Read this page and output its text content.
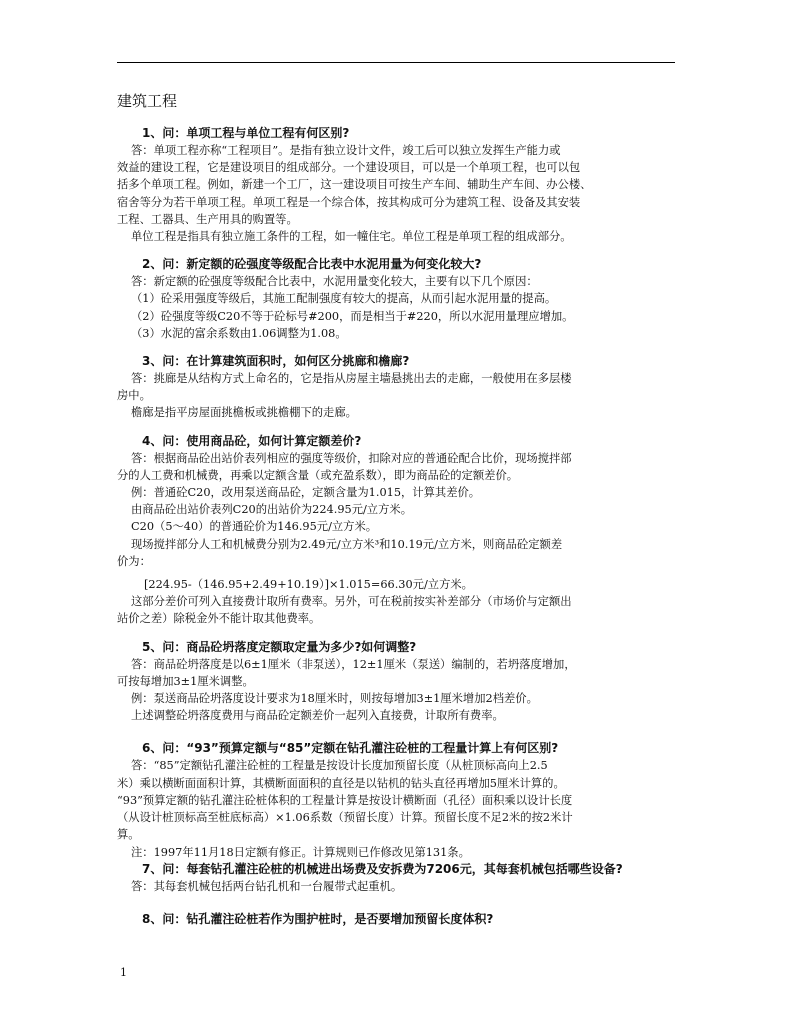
建筑工程

1、问：单项工程与单位工程有何区别?

答：单项工程亦称“工程项目”。是指有独立设计文件，竣工后可以独立发挥生产能力或

效益的建设工程，它是建设项目的组成部分。一个建设项目，可以是一个单项工程，也可以包

括多个单项工程。例如，新建一个工厂，这一建设项目可按生产车间、辅助生产车间、办公楼、

宿舍等分为若干单项工程。单项工程是一个综合体，按其构成可分为建筑工程、设备及其安装

工程、工器具、生产用具的购置等。

单位工程是指具有独立施工条件的工程，如一幢住宅。单位工程是单项工程的组成部分。

2、问：新定额的砼强度等级配合比表中水泥用量为何变化较大?

答：新定额的砼强度等级配合比表中，水泥用量变化较大，主要有以下几个原因：

（1）砼采用强度等级后，其施工配制强度有较大的提高，从而引起水泥用量的提高。

（2）砼强度等级C20不等于砼标号#200，而是相当于#220，所以水泥用量理应增加。

（3）水泥的富余系数由1.06调整为1.08。

3、问：在计算建筑面积时，如何区分挑廊和檐廊?

答：挑廊是从结构方式上命名的，它是指从房屋主墙悬挑出去的走廊，一般使用在多层楼

房中。

檐廊是指平房屋面挑檐板或挑檐棚下的走廊。

4、问：使用商品砼，如何计算定额差价?

答：根据商品砼出站价表列相应的强度等级价，扣除对应的普通砼配合比价，现场搅拌部

分的人工费和机械费，再乘以定额含量（或充盈系数），即为商品砼的定额差价。

例：普通砼C20，改用泵送商品砼，定额含量为1.015，计算其差价。

由商品砼出站价表列C20的出站价为224.95元/立方米。

C20（5～40）的普通砼价为146.95元/立方米。

现场搅拌部分人工和机械费分别为2.49元/立方米³和10.19元/立方米，则商品砼定额差

价为：

[224.95-（146.95+2.49+10.19）]×1.015=66.30元/立方米。

这部分差价可列入直接费计取所有费率。另外，可在税前按实补差部分（市场价与定额出

站价之差）除税金外不能计取其他费率。

5、问：商品砼坍落度定额取定量为多少?如何调整?

答：商品砼坍落度是以6±1厘米（非泵送），12±1厘米（泵送）编制的，若坍落度增加，

可按每增加3±1厘米调整。

例：泵送商品砼坍落度设计要求为18厘米时，则按每增加3±1厘米增加2档差价。

上述调整砼坍落度费用与商品砼定额差价一起列入直接费，计取所有费率。

6、问：“93”预算定额与“85”定额在钻孔灌注砼桩的工程量计算上有何区别?

答：“85”定额钻孔灌注砼桩的工程量是按设计长度加预留长度（从桩顶标高向上2.5

米）乘以横断面面积计算，其横断面面积的直径是以钻机的钻头直径再增加5厘米计算的。

“93”预算定额的钻孔灌注砼桩体积的工程量计算是按设计横断面（孔径）面积乘以设计长度

（从设计桩顶标高至桩底标高）×1.06系数（预留长度）计算。预留长度不足2米的按2米计

算。

注：1997年11月18日定额有修正。计算规则已作修改见第131条。

7、问：每套钻孔灌注砼桩的机械进出场费及安拆费为7206元，其每套机械包括哪些设备?

答：其每套机械包括两台钻孔机和一台履带式起重机。

8、问：钻孔灌注砼桩若作为围护桩时，是否要增加预留长度体积?

1
